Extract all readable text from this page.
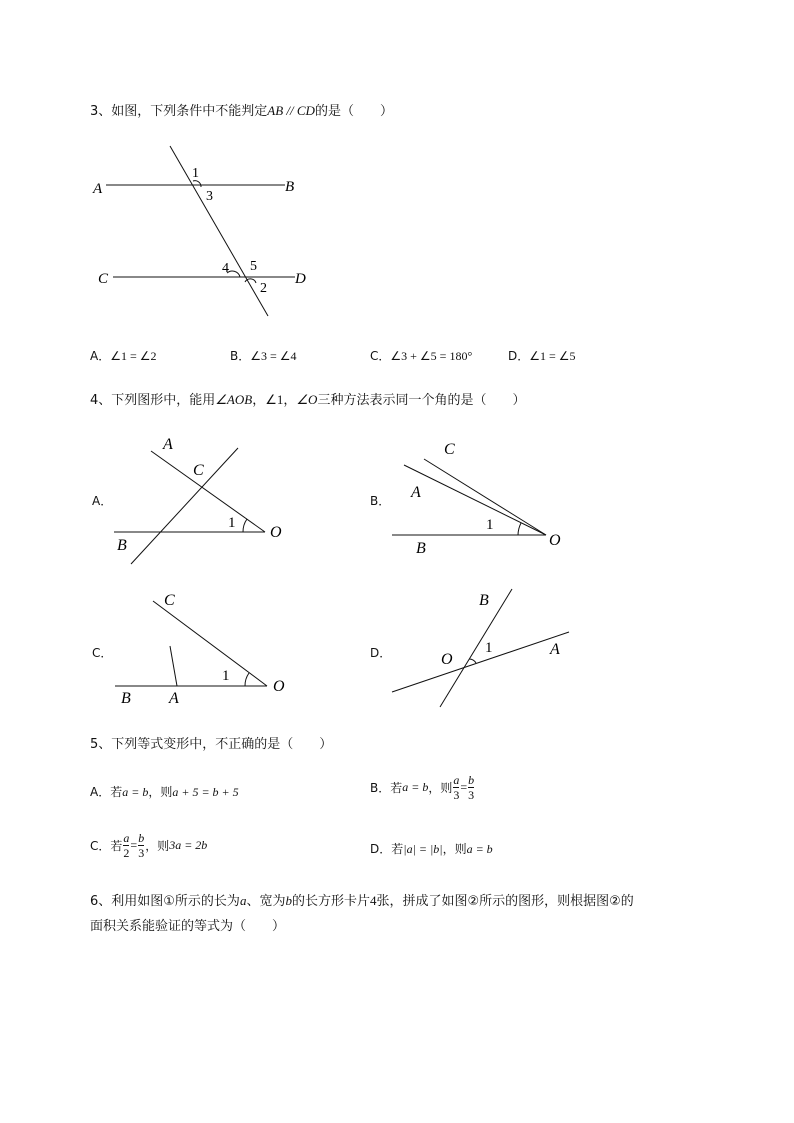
3、如图，下列条件中不能判定AB // CD的是（　　）
A	B
C	D
1
3
4 5
2
A．∠1 = ∠2	B．∠3 = ∠4	C．∠3 + ∠5 = 180°	D．∠1 = ∠5
4、下列图形中，能用∠AOB，∠1，∠O三种方法表示同一个角的是（　　）
A．	B．
C．	D．
A
C
1
O
B
C
A
1
O
B
C
1
O
B A
B
1
O
A
5、下列等式变形中，不正确的是（　　）
A．若a = b，则a + 5 = b + 5	B．若a = b，则 $\frac{a}{3} = \frac{b}{3}$
C．若 $\frac{a}{2} = \frac{b}{3}$ ，则3a = 2b	D．若|a| = |b|，则a = b
6、利用如图①所示的长为a、宽为b的长方形卡片4张，拼成了如图②所示的图形，则根据图②的
面积关系能验证的等式为（　　）
